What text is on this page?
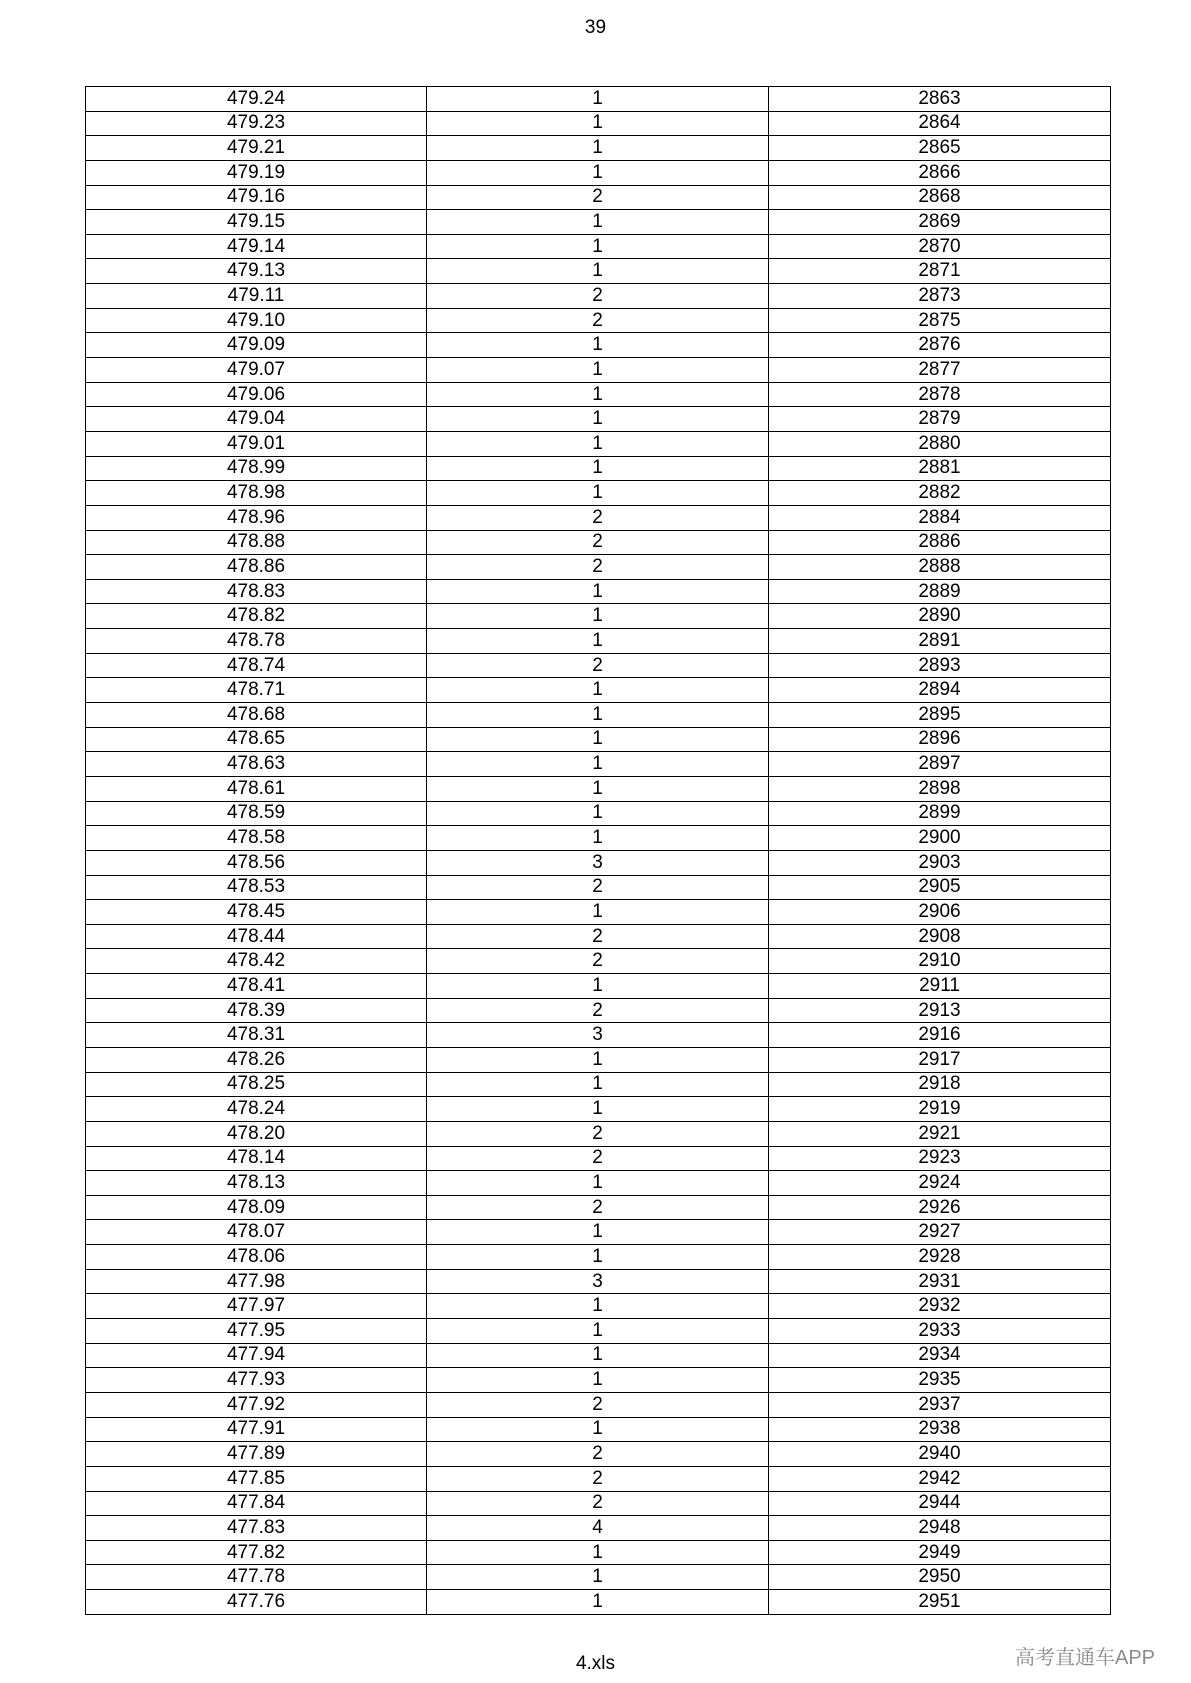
39
479.24	1	2863
479.23	1	2864
479.21	1	2865
479.19	1	2866
479.16	2	2868
479.15	1	2869
479.14	1	2870
479.13	1	2871
479.11	2	2873
479.10	2	2875
479.09	1	2876
479.07	1	2877
479.06	1	2878
479.04	1	2879
479.01	1	2880
478.99	1	2881
478.98	1	2882
478.96	2	2884
478.88	2	2886
478.86	2	2888
478.83	1	2889
478.82	1	2890
478.78	1	2891
478.74	2	2893
478.71	1	2894
478.68	1	2895
478.65	1	2896
478.63	1	2897
478.61	1	2898
478.59	1	2899
478.58	1	2900
478.56	3	2903
478.53	2	2905
478.45	1	2906
478.44	2	2908
478.42	2	2910
478.41	1	2911
478.39	2	2913
478.31	3	2916
478.26	1	2917
478.25	1	2918
478.24	1	2919
478.20	2	2921
478.14	2	2923
478.13	1	2924
478.09	2	2926
478.07	1	2927
478.06	1	2928
477.98	3	2931
477.97	1	2932
477.95	1	2933
477.94	1	2934
477.93	1	2935
477.92	2	2937
477.91	1	2938
477.89	2	2940
477.85	2	2942
477.84	2	2944
477.83	4	2948
477.82	1	2949
477.78	1	2950
477.76	1	2951
4.xls	高考直通车APP
